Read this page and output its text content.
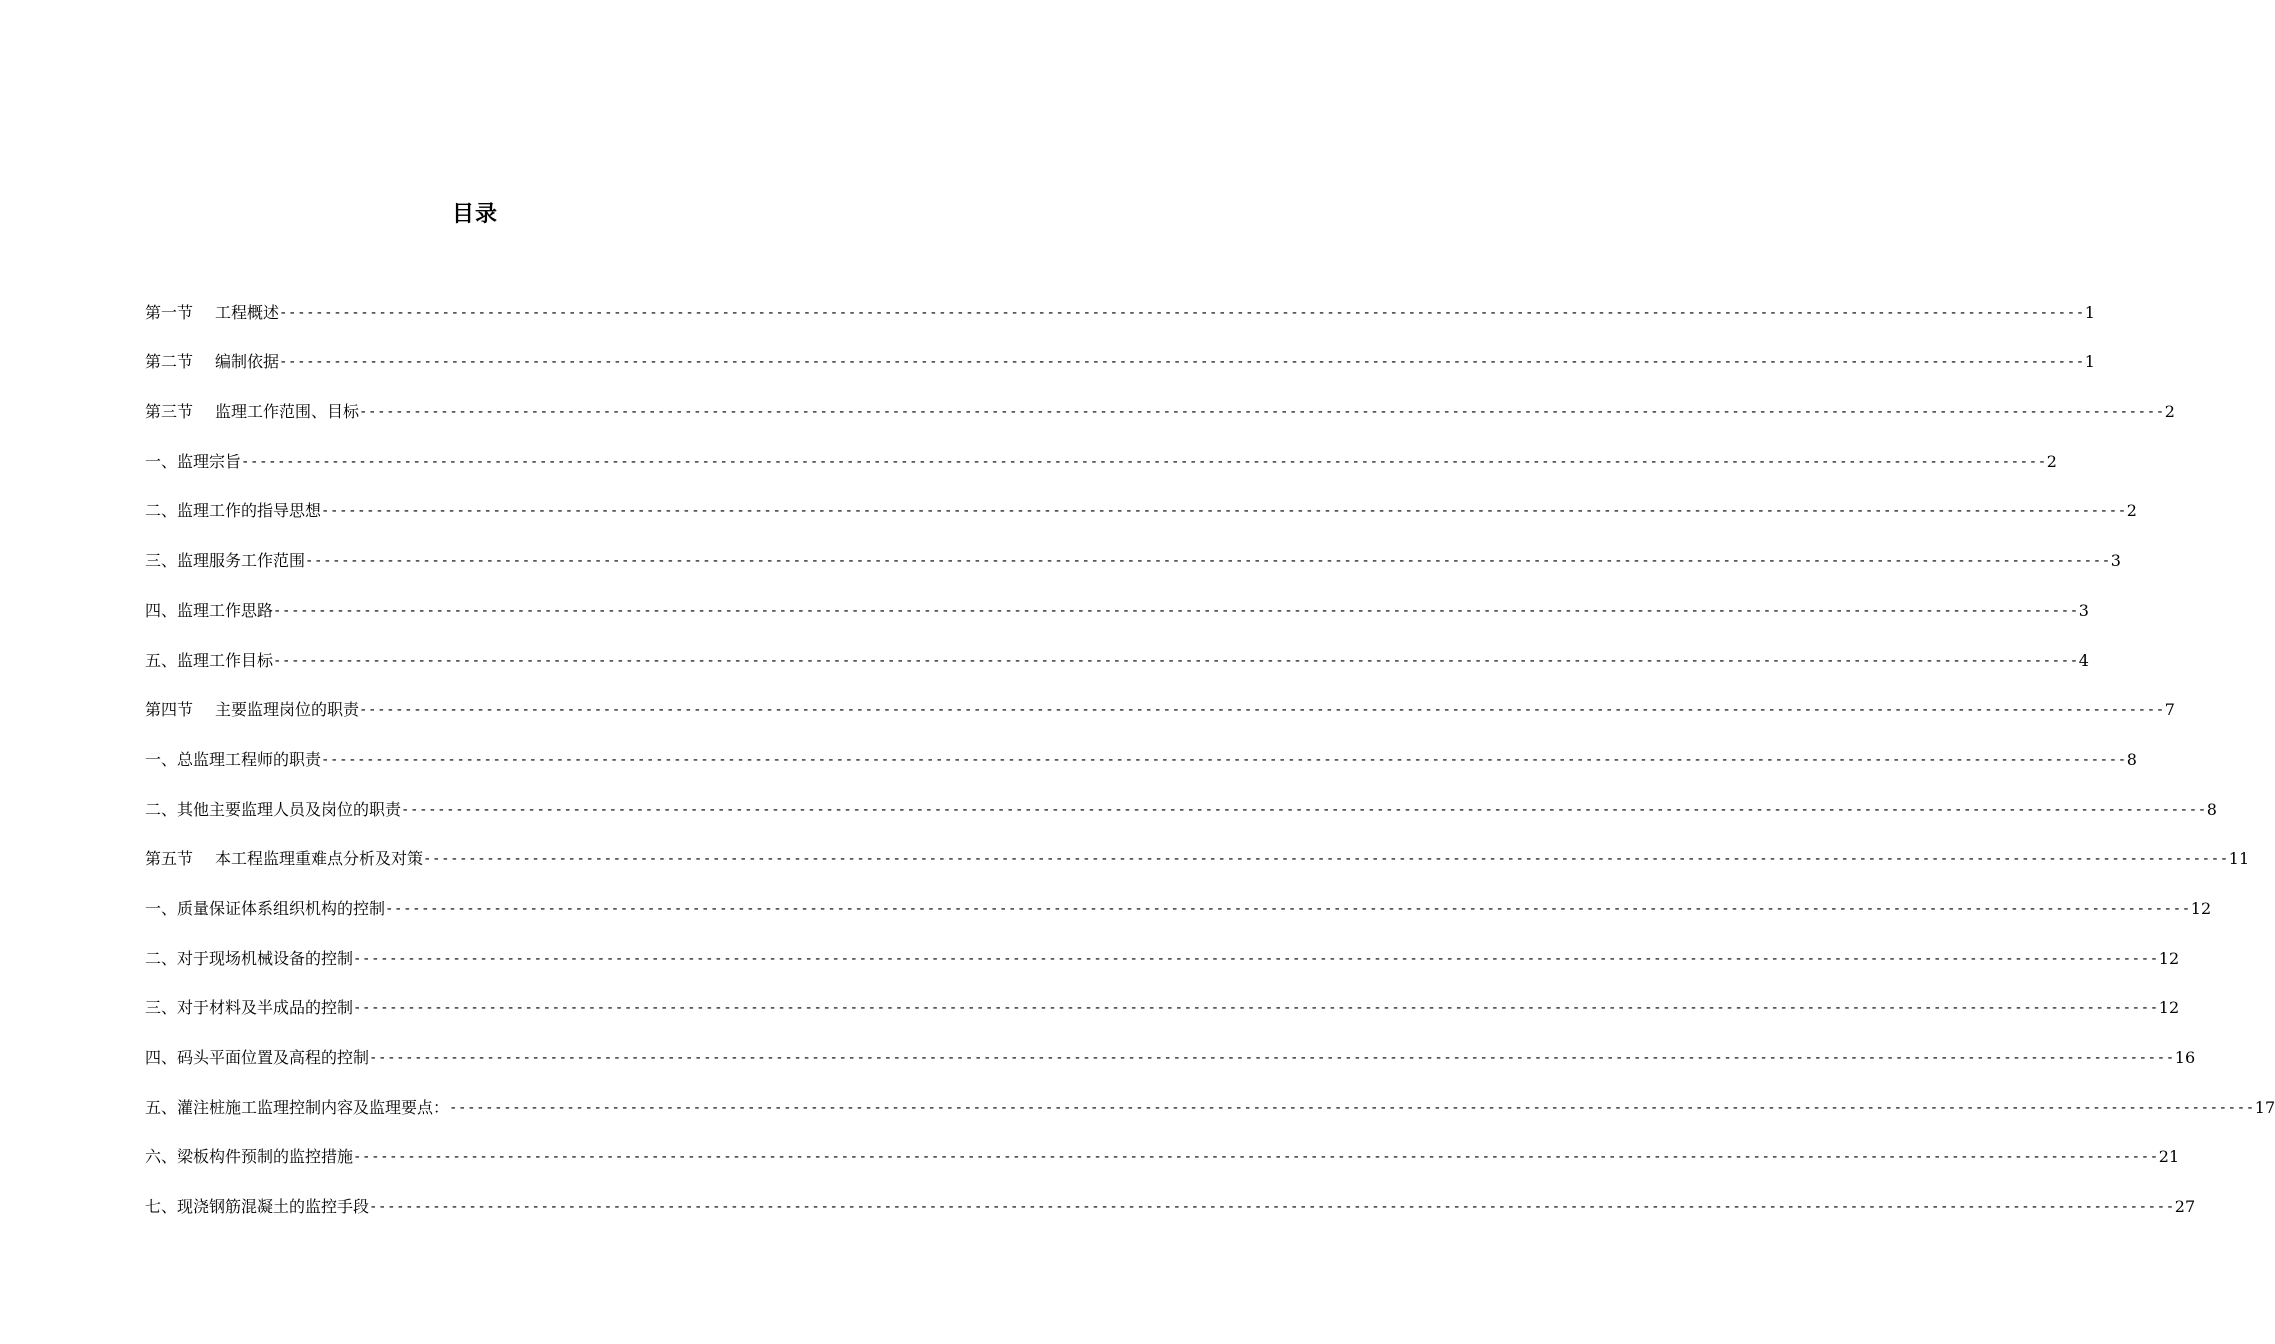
目录
第一节 工程概述 -------------------------------------------------------------------------------------------------------------------------------------------------------------------------------------------------------- 1
第二节 编制依据 -------------------------------------------------------------------------------------------------------------------------------------------------------------------------------------------------------- 1
第三节 监理工作范围、目标 -------------------------------------------------------------------------------------------------------------------------------------------------------------------------------------------------------- 2
一、监理宗旨 -------------------------------------------------------------------------------------------------------------------------------------------------------------------------------------------------------- 2
二、监理工作的指导思想 -------------------------------------------------------------------------------------------------------------------------------------------------------------------------------------------------------- 2
三、监理服务工作范围 -------------------------------------------------------------------------------------------------------------------------------------------------------------------------------------------------------- 3
四、监理工作思路 -------------------------------------------------------------------------------------------------------------------------------------------------------------------------------------------------------- 3
五、监理工作目标 -------------------------------------------------------------------------------------------------------------------------------------------------------------------------------------------------------- 4
第四节 主要监理岗位的职责 -------------------------------------------------------------------------------------------------------------------------------------------------------------------------------------------------------- 7
一、总监理工程师的职责 -------------------------------------------------------------------------------------------------------------------------------------------------------------------------------------------------------- 8
二、其他主要监理人员及岗位的职责 -------------------------------------------------------------------------------------------------------------------------------------------------------------------------------------------------------- 8
第五节 本工程监理重难点分析及对策 -------------------------------------------------------------------------------------------------------------------------------------------------------------------------------------------------------- 11
一、质量保证体系组织机构的控制 -------------------------------------------------------------------------------------------------------------------------------------------------------------------------------------------------------- 12
二、对于现场机械设备的控制 -------------------------------------------------------------------------------------------------------------------------------------------------------------------------------------------------------- 12
三、对于材料及半成品的控制 -------------------------------------------------------------------------------------------------------------------------------------------------------------------------------------------------------- 12
四、码头平面位置及高程的控制 -------------------------------------------------------------------------------------------------------------------------------------------------------------------------------------------------------- 16
五、灌注桩施工监理控制内容及监理要点： -------------------------------------------------------------------------------------------------------------------------------------------------------------------------------------------------------- 17
六、梁板构件预制的监控措施 -------------------------------------------------------------------------------------------------------------------------------------------------------------------------------------------------------- 21
七、现浇钢筋混凝土的监控手段 -------------------------------------------------------------------------------------------------------------------------------------------------------------------------------------------------------- 27
